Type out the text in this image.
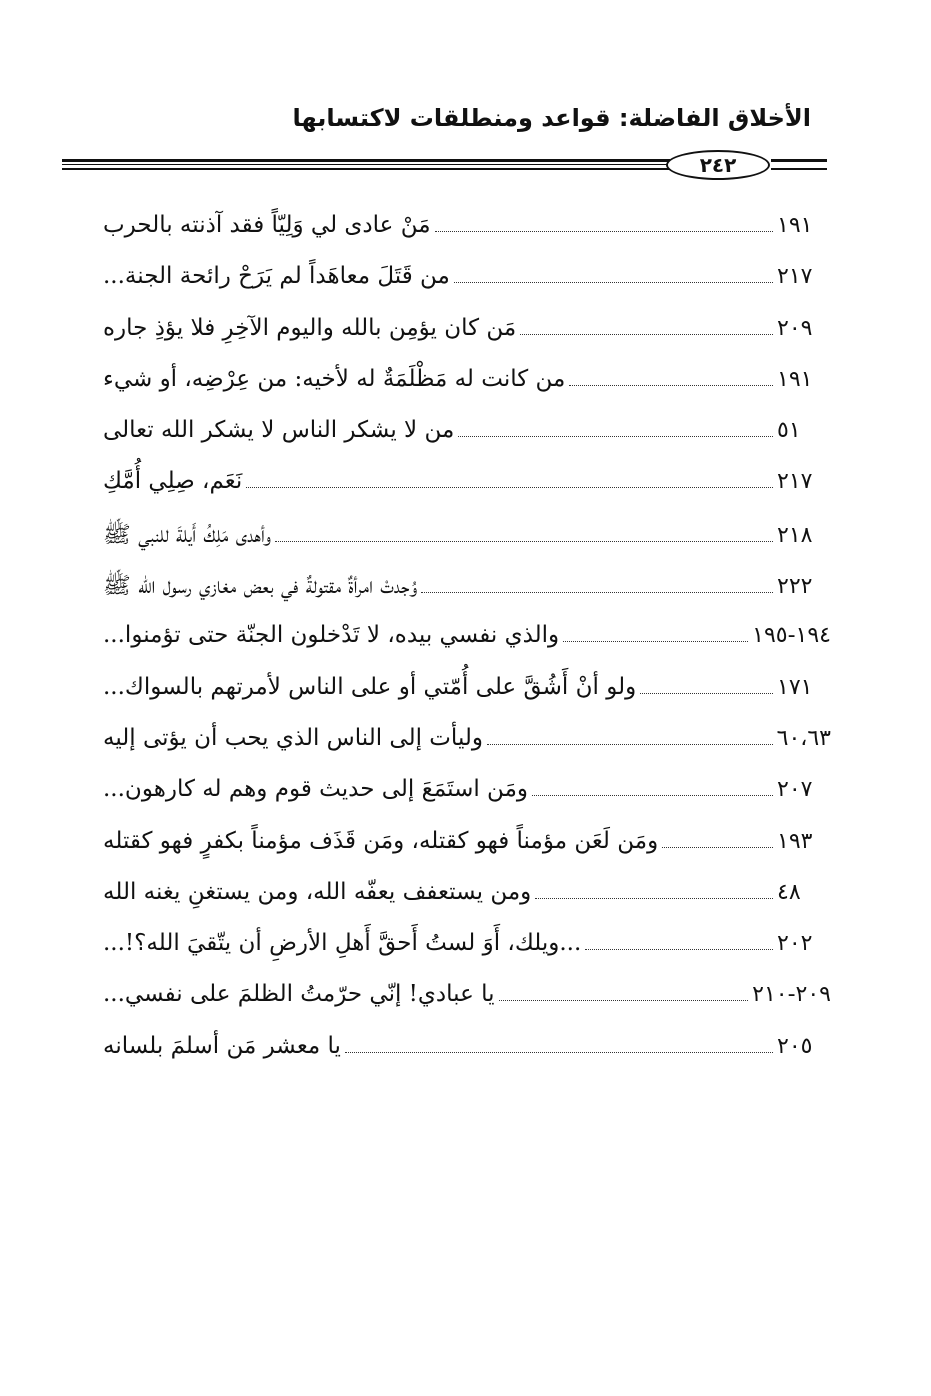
الأخلاق الفاضلة: قواعد ومنطلقات لاكتسابها
٢٤٢
مَنْ عادى لي وَلِيّاً فقد آذنته بالحرب	١٩١
من قَتَلَ معاهَداً لم يَرَحْ رائحة الجنة...	٢١٧
مَن كان يؤمِن بالله واليوم الآخِرِ فلا يؤذِ جاره	٢٠٩
من كانت له مَظْلَمَةٌ له لأخيه: من عِرْضِه، أو شيء	١٩١
من لا يشكر الناس لا يشكر الله تعالى	٥١
نَعَم، صِلِي أُمَّكِ	٢١٧
وأهدى مَلِكُ أَيلةَ للنبي ﷺ	٢١٨
وُجدتْ امرأةٌ مقتولةٌ في بعض مغازي رسول الله ﷺ	٢٢٢
والذي نفسي بيده، لا تَدْخلون الجنّة حتى تؤمنوا...	١٩٤-١٩٥
ولو أنْ أَشُقَّ على أُمّتي أو على الناس لأمرتهم بالسواك...	١٧١
وليأت إلى الناس الذي يحب أن يؤتى إليه	٦٠،٦٣
ومَن استَمَعَ إلى حديث قوم وهم له كارهون...	٢٠٧
ومَن لَعَن مؤمناً فهو كقتله، ومَن قَذَف مؤمناً بكفرٍ فهو كقتله	١٩٣
ومن يستعفف يعفّه الله، ومن يستغنِ يغنه الله	٤٨
...ويلك، أَوَ لستُ أَحقَّ أَهلِ الأرضِ أن يتّقيَ الله؟!...	٢٠٢
يا عبادي! إنّي حرّمتُ الظلمَ على نفسي...	٢٠٩-٢١٠
يا معشر مَن أسلمَ بلسانه	٢٠٥
